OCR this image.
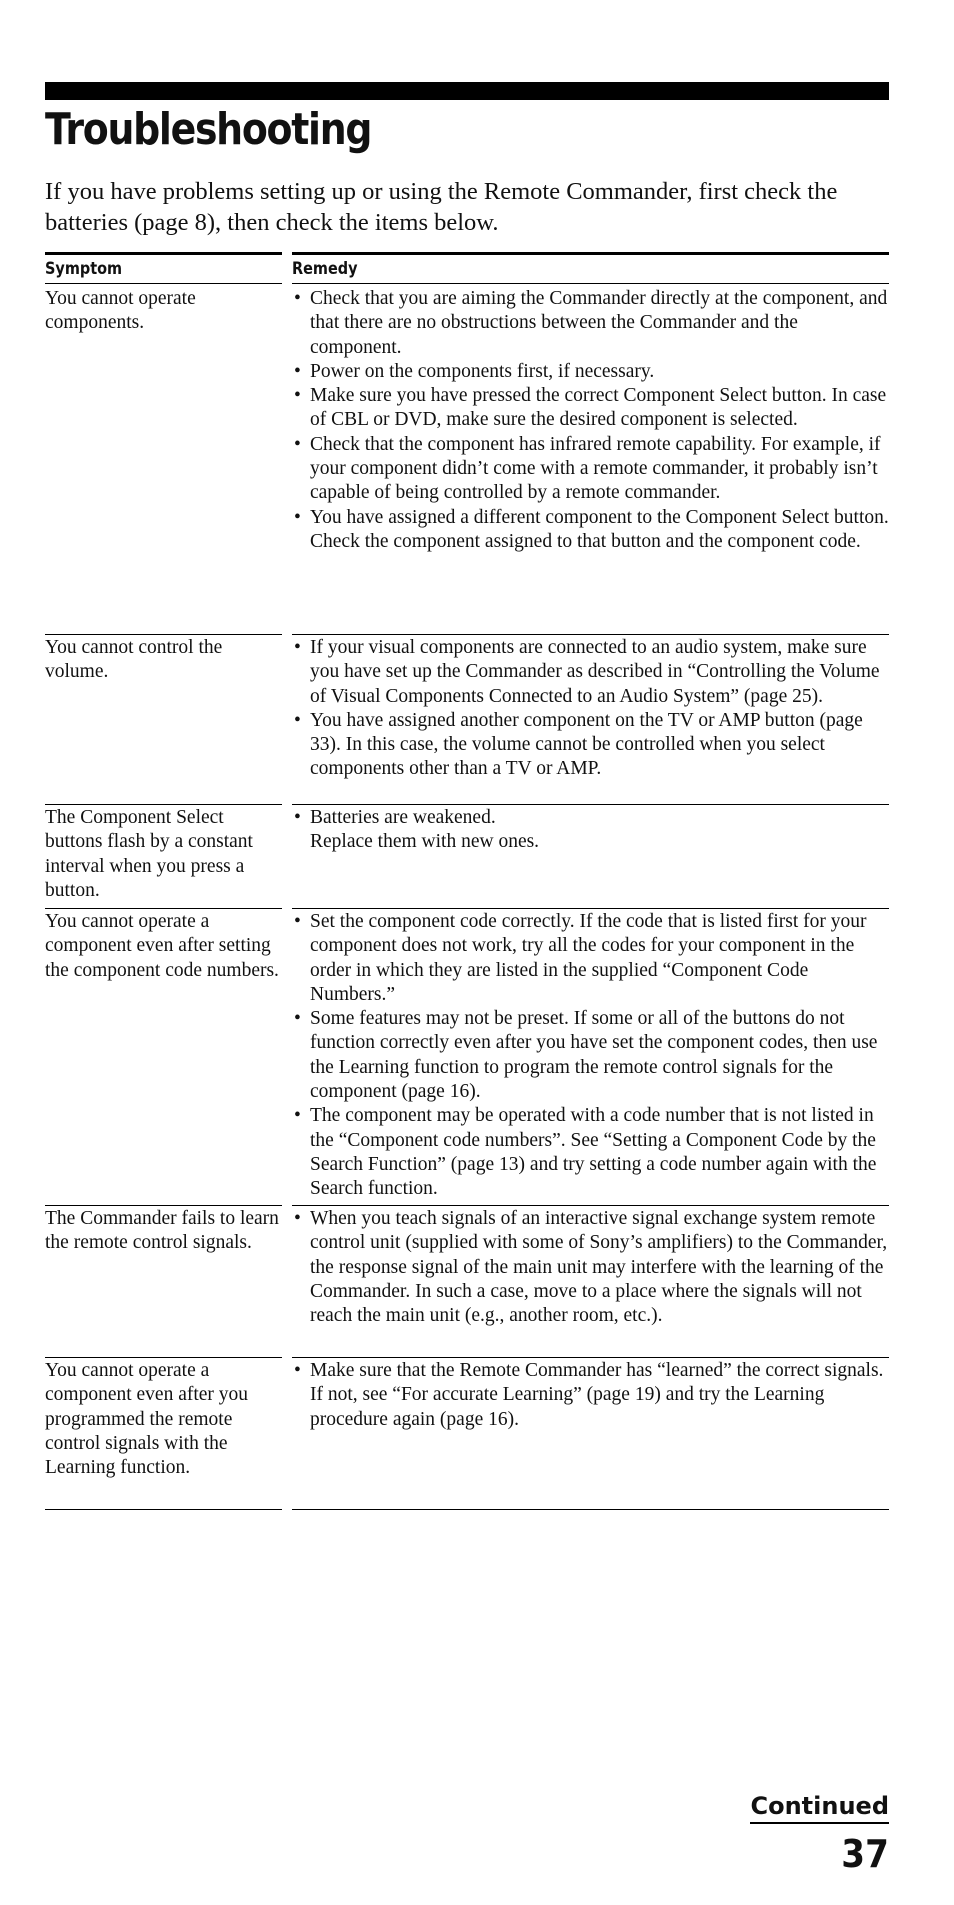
Troubleshooting

If you have problems setting up or using the Remote Commander, first check the batteries (page 8), then check the items below.

Symptom	Remedy
You cannot operate components.
• Check that you are aiming the Commander directly at the component, and that there are no obstructions between the Commander and the component.
• Power on the components first, if necessary.
• Make sure you have pressed the correct Component Select button. In case of CBL or DVD, make sure the desired component is selected.
• Check that the component has infrared remote capability. For example, if your component didn’t come with a remote commander, it probably isn’t capable of being controlled by a remote commander.
• You have assigned a different component to the Component Select button. Check the component assigned to that button and the component code.
You cannot control the volume.
• If your visual components are connected to an audio system, make sure you have set up the Commander as described in “Controlling the Volume of Visual Components Connected to an Audio System” (page 25).
• You have assigned another component on the TV or AMP button (page 33). In this case, the volume cannot be controlled when you select components other than a TV or AMP.
The Component Select buttons flash by a constant interval when you press a button.
• Batteries are weakened.
Replace them with new ones.
You cannot operate a component even after setting the component code numbers.
• Set the component code correctly. If the code that is listed first for your component does not work, try all the codes for your component in the order in which they are listed in the supplied “Component Code Numbers.”
• Some features may not be preset. If some or all of the buttons do not function correctly even after you have set the component codes, then use the Learning function to program the remote control signals for the component (page 16).
• The component may be operated with a code number that is not listed in the “Component code numbers”. See “Setting a Component Code by the Search Function” (page 13) and try setting a code number again with the Search function.
The Commander fails to learn the remote control signals.
• When you teach signals of an interactive signal exchange system remote control unit (supplied with some of Sony’s amplifiers) to the Commander, the response signal of the main unit may interfere with the learning of the Commander. In such a case, move to a place where the signals will not reach the main unit (e.g., another room, etc.).
You cannot operate a component even after you programmed the remote control signals with the Learning function.
• Make sure that the Remote Commander has “learned” the correct signals. If not, see “For accurate Learning” (page 19) and try the Learning procedure again (page 16).
Continued
37
